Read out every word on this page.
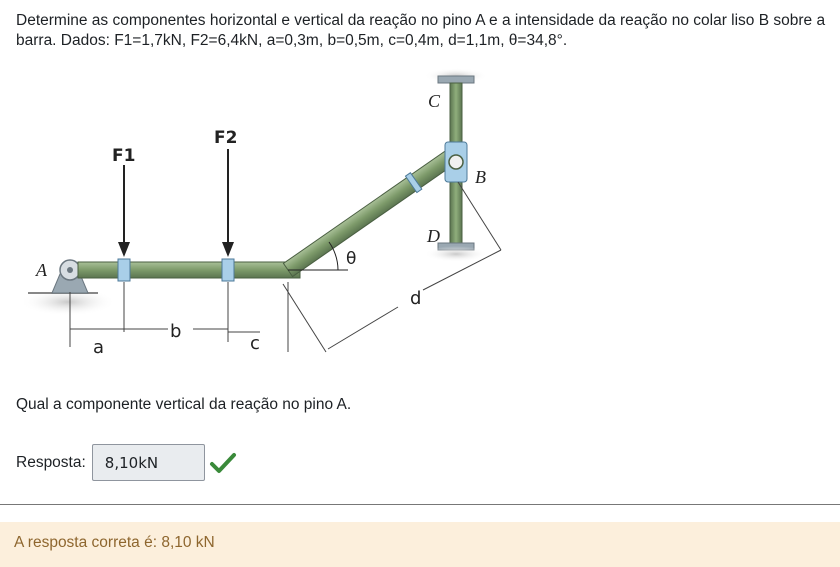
Determine as componentes horizontal e vertical da reação no pino A e a intensidade da reação no colar liso B sobre a barra. Dados: F1=1,7kN, F2=6,4kN, a=0,3m, b=0,5m, c=0,4m, d=1,1m, θ=34,8°.
A
F1
F2
C
B
D
θ
a
b
c
d
Qual a componente vertical da reação no pino A.
Resposta:
8,10kN
A resposta correta é: 8,10 kN
